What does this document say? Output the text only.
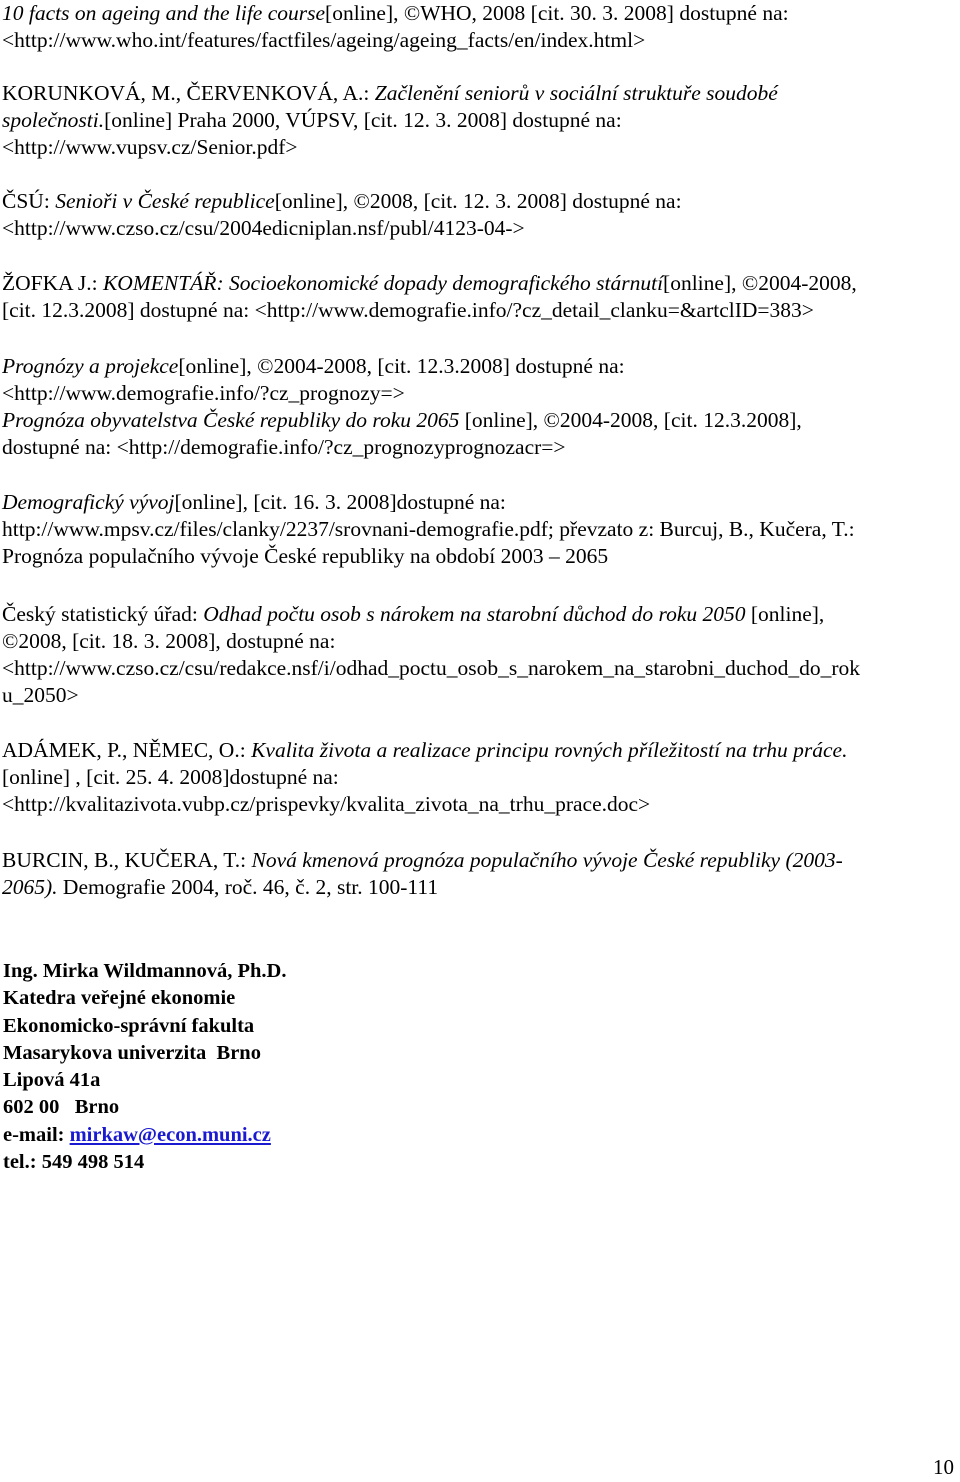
10 facts on ageing and the life course[online], ©WHO, 2008 [cit. 30. 3. 2008] dostupné na:
<http://www.who.int/features/factfiles/ageing/ageing_facts/en/index.html>

KORUNKOVÁ, M., ČERVENKOVÁ, A.: Začlenění seniorů v sociální struktuře soudobé
společnosti.[online] Praha 2000, VÚPSV, [cit. 12. 3. 2008] dostupné na:
<http://www.vupsv.cz/Senior.pdf>

ČSÚ: Senioři v České republice[online], ©2008, [cit. 12. 3. 2008] dostupné na:
<http://www.czso.cz/csu/2004edicniplan.nsf/publ/4123-04->

ŽOFKA J.: KOMENTÁŘ: Socioekonomické dopady demografického stárnutí[online], ©2004-2008,
[cit. 12.3.2008] dostupné na: <http://www.demografie.info/?cz_detail_clanku=&artclID=383>

Prognózy a projekce[online], ©2004-2008, [cit. 12.3.2008] dostupné na:
<http://www.demografie.info/?cz_prognozy=>

Prognóza obyvatelstva České republiky do roku 2065 [online], ©2004-2008, [cit. 12.3.2008],
dostupné na: <http://demografie.info/?cz_prognozyprognozacr=>

Demografický vývoj[online], [cit. 16. 3. 2008]dostupné na:
http://www.mpsv.cz/files/clanky/2237/srovnani-demografie.pdf; převzato z: Burcuj, B., Kučera, T.:
Prognóza populačního vývoje České republiky na období 2003 – 2065

Český statistický úřad: Odhad počtu osob s nárokem na starobní důchod do roku 2050 [online],
©2008, [cit. 18. 3. 2008], dostupné na:
<http://www.czso.cz/csu/redakce.nsf/i/odhad_poctu_osob_s_narokem_na_starobni_duchod_do_rok
u_2050>

ADÁMEK, P., NĚMEC, O.: Kvalita života a realizace principu rovných příležitostí na trhu práce.
[online] , [cit. 25. 4. 2008]dostupné na:
<http://kvalitazivota.vubp.cz/prispevky/kvalita_zivota_na_trhu_prace.doc>

BURCIN, B., KUČERA, T.: Nová kmenová prognóza populačního vývoje České republiky (2003-
2065). Demografie 2004, roč. 46, č. 2, str. 100-111

Ing. Mirka Wildmannová, Ph.D.
Katedra veřejné ekonomie
Ekonomicko-správní fakulta
Masarykova univerzita  Brno
Lipová 41a
602 00   Brno
e-mail: mirkaw@econ.muni.cz
tel.: 549 498 514
10
